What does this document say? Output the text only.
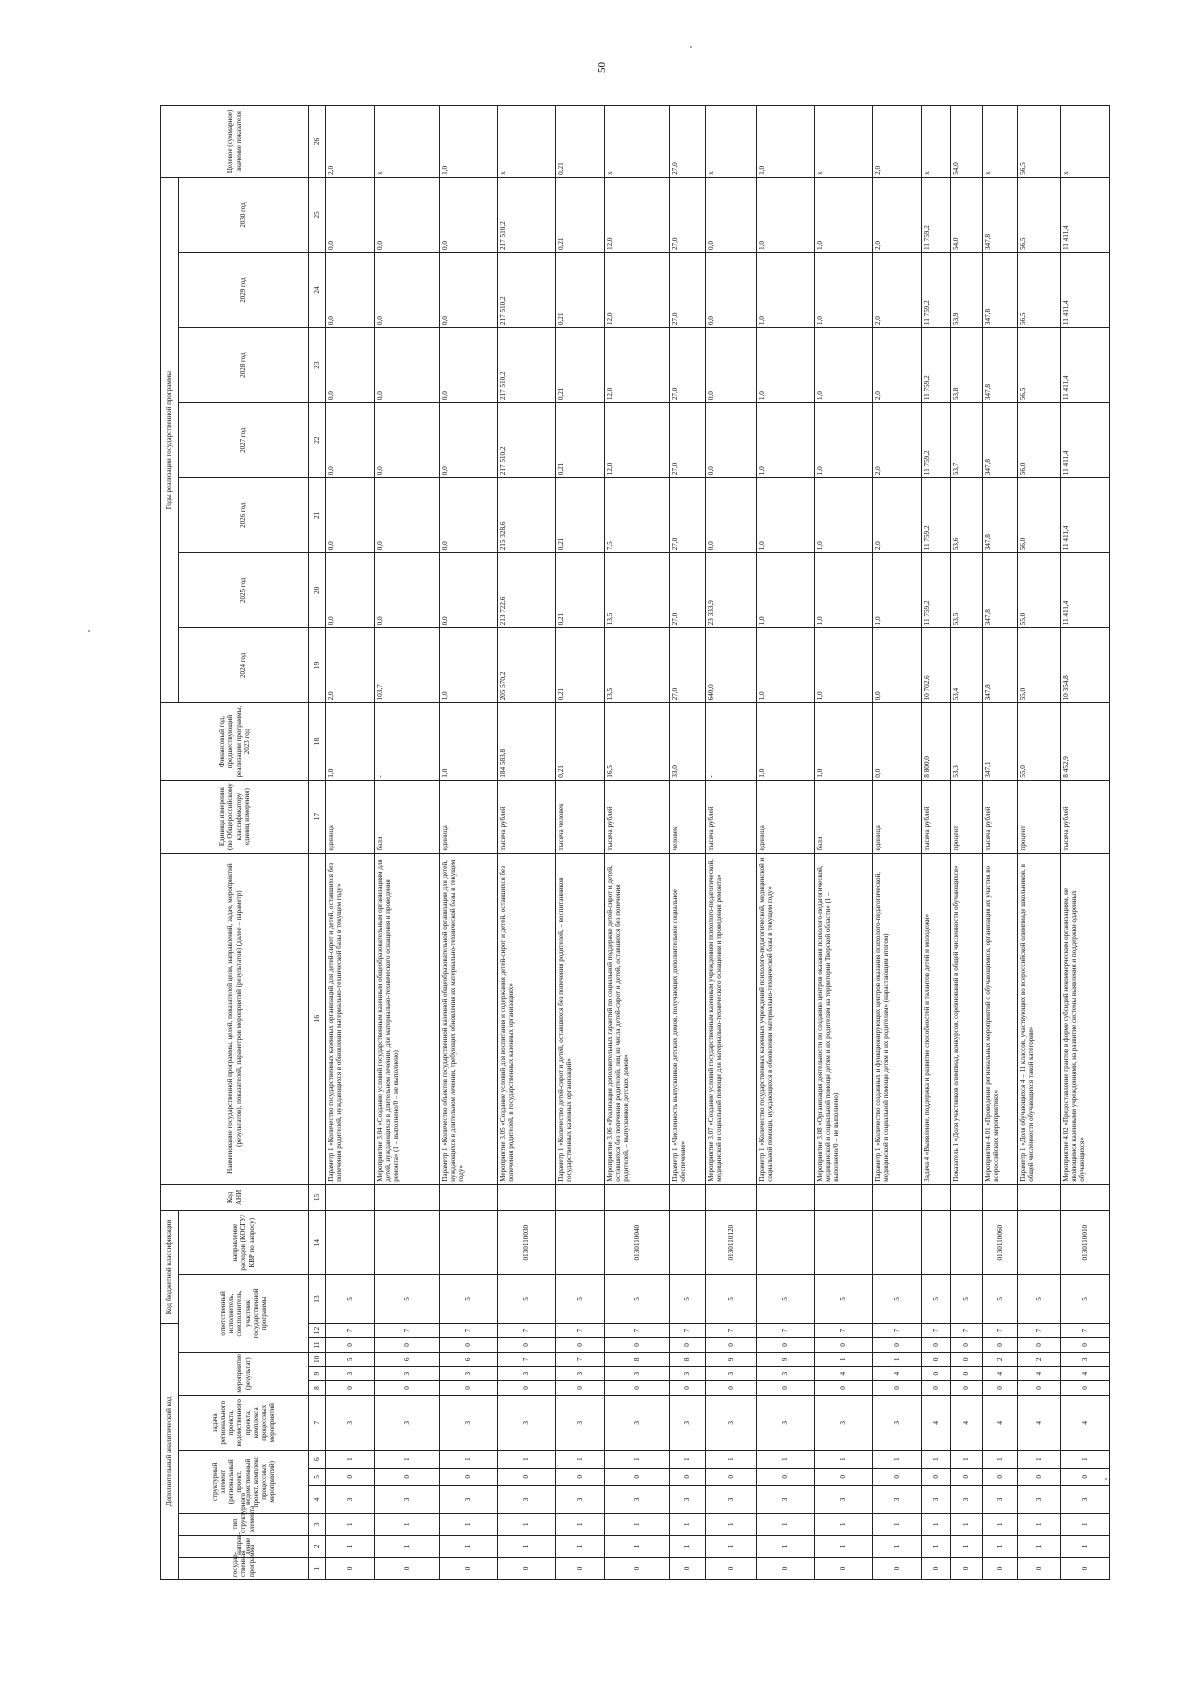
50
Дополнительный аналитический код												Код бюджетной классификации		Код АНИ	Наименование государственной программы, целей, показателей цели, направлений, задач, мероприятий (результатов), показателей, параметров мероприятий (результатов) (далее – параметр)	Единица измерения (по Общероссийскому классификатору единиц измерения)	Финансовый год, предшествующий реализации программы, 2023 год	Годы реализации государственной программы							Целевое (суммарное) значение показателя
государ-ственная программа	направ-ление	тип структурного элемента	структурный элемент (региональный проект, ведомственный проект, комплекс процессных мероприятий)			задача регионального проекта, ведомственного проекта, комплекса процессных мероприятий	мероприятие (результат)			ответственный исполнитель, соисполнитель, участник государственной программы			направление расходов (КОСГУ/КВР по запросу)					2024 год	2025 год	2026 год	2027 год	2028 год	2029 год	2030 год	

1	2	3	4	5	6	7	8	9	10	11	12	13	14	15	16	17	18	19	20	21	22	23	24	25	26
0	1	1	3	0	1	3	0	3	5	0	7	5			Параметр 1 «Количество государственных казенных организаций для детей-сирот и детей, оставшихся без попечения родителей, нуждающихся в обновлении материально-технической базы в текущем году»	единица	1,0	2,0	0,0	0,0	0,0	0,0	0,0	0,0	2,0
0	1	1	3	0	1	3	0	3	6	0	7	5			Мероприятие 3.04 «Создание условий государственным казенным общеобразовательным организациям для детей, нуждающихся в длительном лечении, для материально-технического оснащения и проведения ремонта» (1 – выполнено/0 – не выполнено)	балл	-	103,7	0,0	0,0	0,0	0,0	0,0	0,0	x
0	1	1	3	0	1	3	0	3	6	0	7	5			Параметр 1 «Количество объектов государственной казенной общеобразовательной организации для детей, нуждающихся в длительном лечении, требующих обновления их материально-технической базы в текущем году»	единица	1,0	1,0	0,0	0,0	0,0	0,0	0,0	0,0	1,0
0	1	1	3	0	1	3	0	3	7	0	7	5	0130110030		Мероприятие 3.05 «Создание условий для воспитания и содержания детей-сирот и детей, оставшихся без попечения родителей, в государственных казенных организациях»	тысяча рублей	184 583,8	205 570,2	213 722,6	215 328,6	217 510,2	217 510,2	217 510,2	217 510,2	x
0	1	1	3	0	1	3	0	3	7	0	7	5			Параметр 1 «Количество детей-сирот и детей, оставшихся без попечения родителей, – воспитанников государственных казенных организаций»	тысяча человек	0,21	0,21	0,21	0,21	0,21	0,21	0,21	0,21	0,21
0	1	1	3	0	1	3	0	3	8	0	7	5	0130110040		Мероприятие 3.06 «Реализация дополнительных гарантий по социальной поддержке детей-сирот и детей, оставшихся без попечения родителей, лиц из числа детей-сирот и детей, оставшихся без попечения родителей, – выпускников детских домов»	тысяча рублей	16,5	13,5	13,5	7,5	12,0	12,0	12,0	12,0	x
0	1	1	3	0	1	3	0	3	8	0	7	5			Параметр 1 «Численность выпускников детских домов, получающих дополнительное социальное обеспечение»	человек	33,0	27,0	27,0	27,0	27,0	27,0	27,0	27,0	27,0
0	1	1	3	0	1	3	0	3	9	0	7	5	0130110120		Мероприятие 3.07 «Создание условий государственным казенным учреждениям психолого-педагогической, медицинской и социальной помощи для материально-технического оснащения и проведения ремонта»	тысяча рублей	-	640,0	23 333,9	0,0	0,0	0,0	0,0	0,0	x
0	1	1	3	0	1	3	0	3	9	0	7	5			Параметр 1 «Количество государственных казенных учреждений психолого-педагогической, медицинской и социальной помощи, нуждающихся в обновлении материально-технической базы в текущем году»	единица	1,0	1,0	1,0	1,0	1,0	1,0	1,0	1,0	1,0
0	1	1	3	0	1	3	0	4	1	0	7	5			Мероприятие 3.08 «Организация деятельности по созданию центров оказания психолого-педагогической, медицинской и социальной помощи детям и их родителям на территории Тверской области» (1 – выполнено/0 – не выполнено)	балл	1,0	1,0	1,0	1,0	1,0	1,0	1,0	1,0	x
0	1	1	3	0	1	3	0	4	1	0	7	5			Параметр 1 «Количество созданных и функционирующих центров оказания психолого-педагогической, медицинской и социальной помощи детям и их родителям» (нарастающим итогом)	единица	0,0	0,0	1,0	2,0	2,0	2,0	2,0	2,0	2,0
0	1	1	3	0	1	4	0	0	0	0	7	5			Задача 4 «Выявление, поддержка и развитие способностей и талантов детей и молодежи»	тысяча рублей	8 800,0	10 702,6	11 759,2	11 759,2	11 759,2	11 759,2	11 759,2	11 759,2	x
0	1	1	3	0	1	4	0	0	0	0	7	5			Показатель 1 «Доля участников олимпиад, конкурсов, соревнований в общей численности обучающихся»	процент	53,3	53,4	53,5	53,6	53,7	53,8	53,9	54,0	54,0
0	1	1	3	0	1	4	0	4	2	0	7	5	0130110060		Мероприятие 4.01 «Проведение региональных мероприятий с обучающимися, организация их участия во всероссийских мероприятиях»	тысяча рублей	347,1	347,8	347,8	347,8	347,8	347,8	347,8	347,8	x
0	1	1	3	0	1	4	0	4	2	0	7	5			Параметр 1 «Доля обучающихся 4 – 11 классов, участвующих во всероссийской олимпиаде школьников, в общей численности обучающихся такой категории»	процент	55,0	55,0	55,0	56,0	56,0	56,5	56,5	56,5	56,5
0	1	1	3	0	1	4	0	4	3	0	7	5	0130110010		Мероприятие 4.02 «Предоставление грантов в форме субсидий некоммерческим организациям, не являющимся казенными учреждениями, на развитие системы выявления и поддержки одаренных обучающихся»	тысяча рублей	8 452,9	10 354,8	11 411,4	11 411,4	11 411,4	11 411,4	11 411,4	11 411,4	x
